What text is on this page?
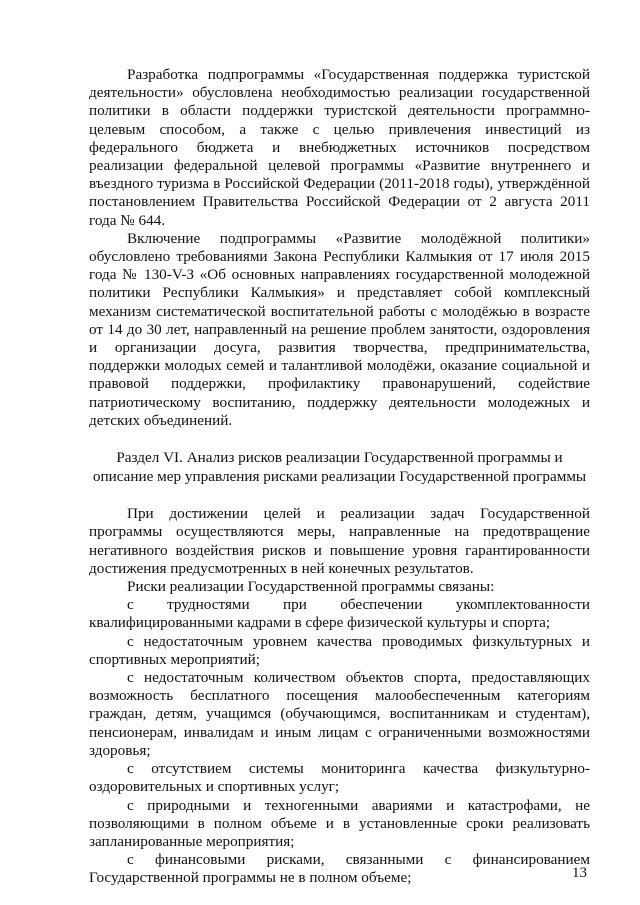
Разработка подпрограммы «Государственная поддержка туристской деятельности» обусловлена необходимостью реализации государственной политики в области поддержки туристской деятельности программно-целевым способом, а также с целью привлечения инвестиций из федерального бюджета и внебюджетных источников посредством реализации федеральной целевой программы «Развитие внутреннего и въездного туризма в Российской Федерации (2011-2018 годы), утверждённой постановлением Правительства Российской Федерации от 2 августа 2011 года № 644.

Включение подпрограммы «Развитие молодёжной политики» обусловлено требованиями Закона Республики Калмыкия от 17 июля 2015 года № 130-V-З «Об основных направлениях государственной молодежной политики Республики Калмыкия» и представляет собой комплексный механизм систематической воспитательной работы с молодёжью в возрасте от 14 до 30 лет, направленный на решение проблем занятости, оздоровления и организации досуга, развития творчества, предпринимательства, поддержки молодых семей и талантливой молодёжи, оказание социальной и правовой поддержки, профилактику правонарушений, содействие патриотическому воспитанию, поддержку деятельности молодежных и детских объединений.

Раздел VI. Анализ рисков реализации Государственной программы и описание мер управления рисками реализации Государственной программы

При достижении целей и реализации задач Государственной программы осуществляются меры, направленные на предотвращение негативного воздействия рисков и повышение уровня гарантированности достижения предусмотренных в ней конечных результатов.

Риски реализации Государственной программы связаны:

с трудностями при обеспечении укомплектованности квалифицированными кадрами в сфере физической культуры и спорта;

с недостаточным уровнем качества проводимых физкультурных и спортивных мероприятий;

с недостаточным количеством объектов спорта, предоставляющих возможность бесплатного посещения малообеспеченным категориям граждан, детям, учащимся (обучающимся, воспитанникам и студентам), пенсионерам, инвалидам и иным лицам с ограниченными возможностями здоровья;

с отсутствием системы мониторинга качества физкультурно-оздоровительных и спортивных услуг;

с природными и техногенными авариями и катастрофами, не позволяющими в полном объеме и в установленные сроки реализовать запланированные мероприятия;

с финансовыми рисками, связанными с финансированием Государственной программы не в полном объеме;	13
